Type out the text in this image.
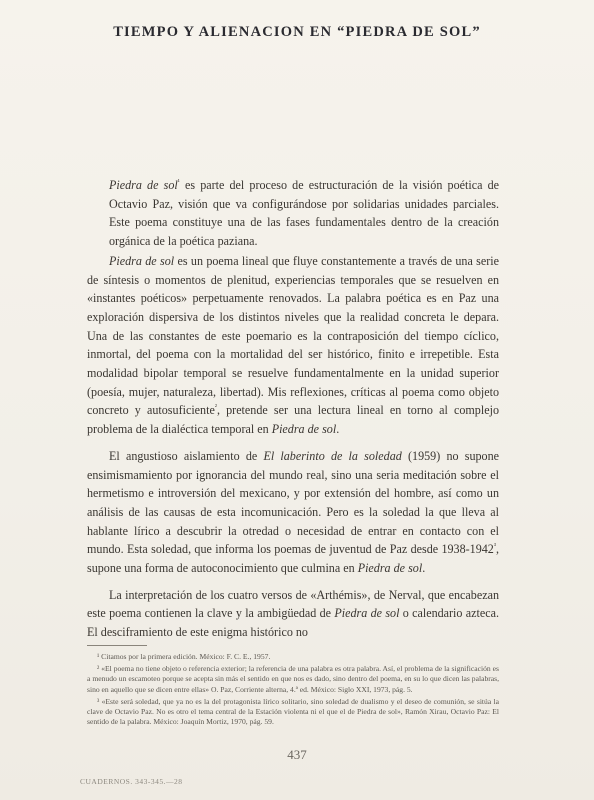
TIEMPO Y ALIENACION EN “PIEDRA DE SOL”

Piedra de sol$^{^1}$ es parte del proceso de estructuración de la visión poética de Octavio Paz, visión que va configurándose por solidarias unidades parciales. Este poema constituye una de las fases fundamentales dentro de la creación orgánica de la poética paziana.

Piedra de sol es un poema lineal que fluye constantemente a través de una serie de síntesis o momentos de plenitud, experiencias temporales que se resuelven en «instantes poéticos» perpetuamente renovados. La palabra poética es en Paz una exploración dispersiva de los distintos niveles que la realidad concreta le depara. Una de las constantes de este poemario es la contraposición del tiempo cíclico, inmortal, del poema con la mortalidad del ser histórico, finito e irrepetible. Esta modalidad bipolar temporal se resuelve fundamentalmente en la unidad superior (poesía, mujer, naturaleza, libertad). Mis reflexiones, críticas al poema como objeto concreto y autosuficiente$^{^2}$, pretende ser una lectura lineal en torno al complejo problema de la dialéctica temporal en Piedra de sol.

El angustioso aislamiento de El laberinto de la soledad (1959) no supone ensimismamiento por ignorancia del mundo real, sino una seria meditación sobre el hermetismo e introversión del mexicano, y por extensión del hombre, así como un análisis de las causas de esta incomunicación. Pero es la soledad la que lleva al hablante lírico a descubrir la otredad o necesidad de entrar en contacto con el mundo. Esta soledad, que informa los poemas de juventud de Paz desde $1938-1942^{^3}$, supone una forma de autoconocimiento que culmina en Piedra de sol.

La interpretación de los cuatro versos de «Arthémis», de Nerval, que encabezan este poema contienen la clave y la ambigüedad de Piedra de sol o calendario azteca. El desciframiento de este enigma histórico no

¹ Citamos por la primera edición. México: F. C. E., 1957.

² «El poema no tiene objeto o referencia exterior; la referencia de una palabra es otra palabra. Así, el problema de la significación es a menudo un escamoteo porque se acepta sin más el sentido en que nos es dado, sino dentro del poema, en su lo que dicen las palabras, sino en aquello que se dicen entre ellas» O. Paz, Corriente alterna, 4.ª ed. México: Siglo XXI, 1973, pág. 5.

³ «Este será soledad, que ya no es la del protagonista lírico solitario, sino soledad de dualismo y el deseo de comunión, se sitúa la clave de Octavio Paz. No es otro el tema central de la Estación violenta ni el que el de Piedra de sol», Ramón Xirau, Octavio Paz: El sentido de la palabra. México: Joaquín Mortiz, 1970, pág. 59.

437
CUADERNOS. 343-345.—28
